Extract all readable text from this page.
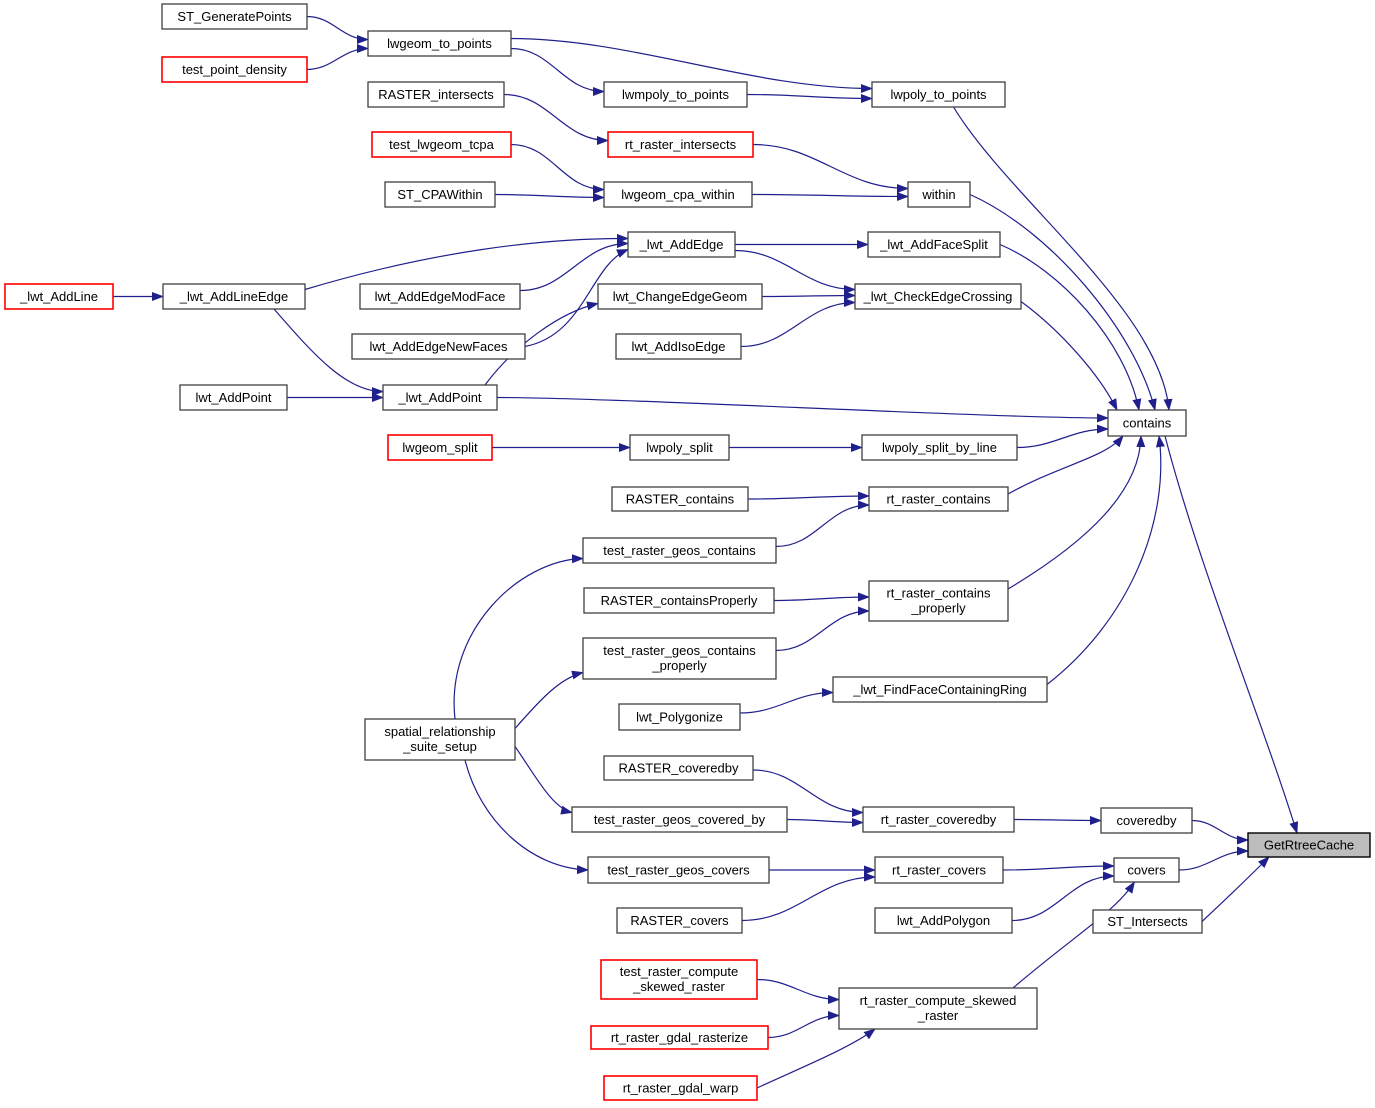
ST_GeneratePoints
lwgeom_to_points
test_point_density
RASTER_intersects	lwmpoly_to_points	lwpoly_to_points
test_lwgeom_tcpa	rt_raster_intersects
ST_CPAWithin	lwgeom_cpa_within	within
_lwt_AddEdge	_lwt_AddFaceSplit
_lwt_AddLine	_lwt_AddLineEdge	lwt_AddEdgeModFace	lwt_ChangeEdgeGeom	_lwt_CheckEdgeCrossing
lwt_AddEdgeNewFaces	lwt_AddIsoEdge
lwt_AddPoint	_lwt_AddPoint
contains
lwgeom_split	lwpoly_split	lwpoly_split_by_line
RASTER_contains	rt_raster_contains
test_raster_geos_contains
RASTER_containsProperly	rt_raster_contains
_properly
test_raster_geos_contains
_properly
_lwt_FindFaceContainingRing
lwt_Polygonize
spatial_relationship
_suite_setup
RASTER_coveredby
test_raster_geos_covered_by	rt_raster_coveredby	coveredby
test_raster_geos_covers	rt_raster_covers	covers
GetRtreeCache
RASTER_covers	lwt_AddPolygon	ST_Intersects
test_raster_compute
_skewed_raster
rt_raster_gdal_rasterize
rt_raster_compute_skewed
_raster
rt_raster_gdal_warp
